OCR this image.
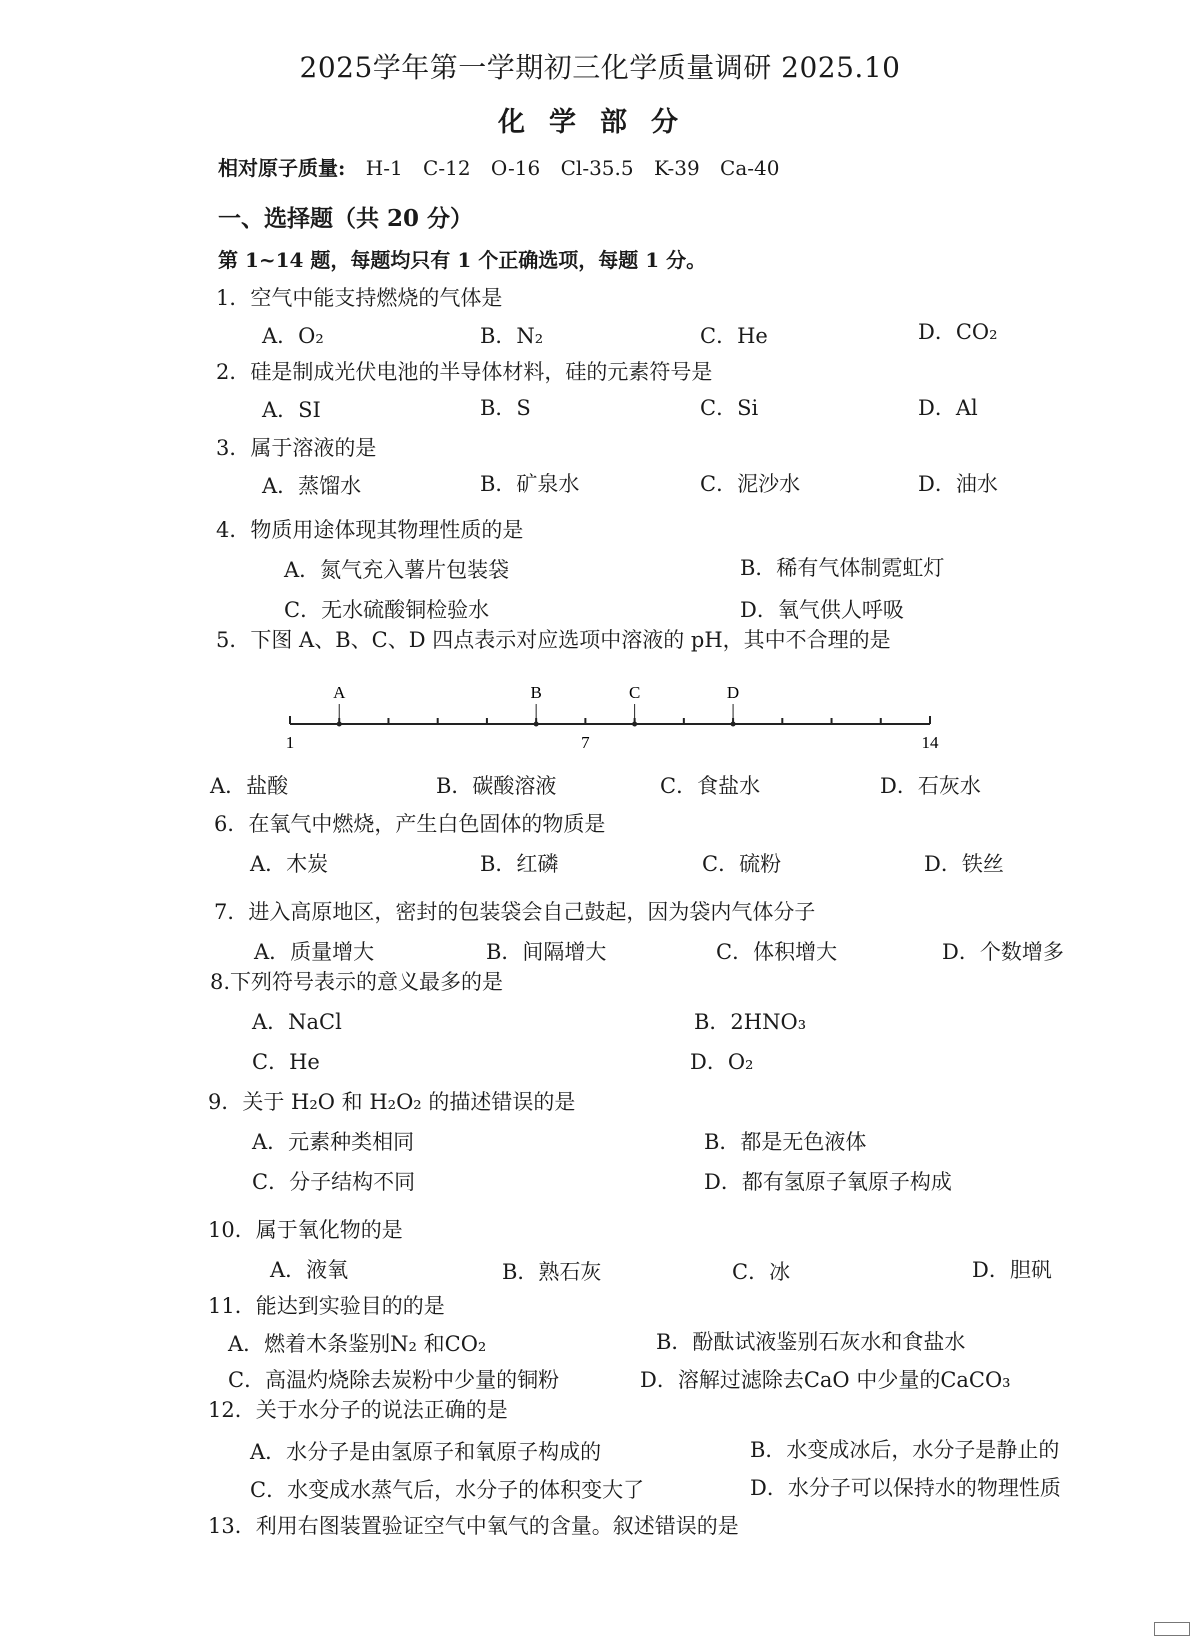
2025学年第一学期初三化学质量调研 2025.10
化学部分
相对原子质量: H-1 C-12 O-16 Cl-35.5 K-39 Ca-40
一、选择题（共 20 分）
第 1~14 题，每题均只有 1 个正确选项，每题 1 分。
1．空气中能支持燃烧的气体是
A．O₂	B．N₂	C．He	D．CO₂
2．硅是制成光伏电池的半导体材料，硅的元素符号是
A．SI	B．S	C．Si	D．Al
3．属于溶液的是
A．蒸馏水	B．矿泉水	C．泥沙水	D．油水
4．物质用途体现其物理性质的是
A．氮气充入薯片包装袋	B．稀有气体制霓虹灯
C．无水硫酸铜检验水	D．氧气供人呼吸
5．下图 A、B、C、D 四点表示对应选项中溶液的 pH，其中不合理的是
A	B	C	D
1	7	14
A．盐酸	B．碳酸溶液	C．食盐水	D．石灰水
6．在氧气中燃烧，产生白色固体的物质是
A．木炭	B．红磷	C．硫粉	D．铁丝
7．进入高原地区，密封的包装袋会自己鼓起，因为袋内气体分子
A．质量增大	B．间隔增大	C．体积增大	D．个数增多
8.下列符号表示的意义最多的是
A．NaCl	B．2HNO₃
C．He	D．O₂
9．关于 H₂O 和 H₂O₂ 的描述错误的是
A．元素种类相同	B．都是无色液体
C．分子结构不同	D．都有氢原子氧原子构成
10．属于氧化物的是
A．液氧	B．熟石灰	C．冰	D．胆矾
11．能达到实验目的的是
A．燃着木条鉴别N₂ 和CO₂	B．酚酞试液鉴别石灰水和食盐水
C．高温灼烧除去炭粉中少量的铜粉	D．溶解过滤除去CaO 中少量的CaCO₃
12．关于水分子的说法正确的是
A．水分子是由氢原子和氧原子构成的	B．水变成冰后，水分子是静止的
C．水变成水蒸气后，水分子的体积变大了	D．水分子可以保持水的物理性质
13．利用右图装置验证空气中氧气的含量。叙述错误的是
